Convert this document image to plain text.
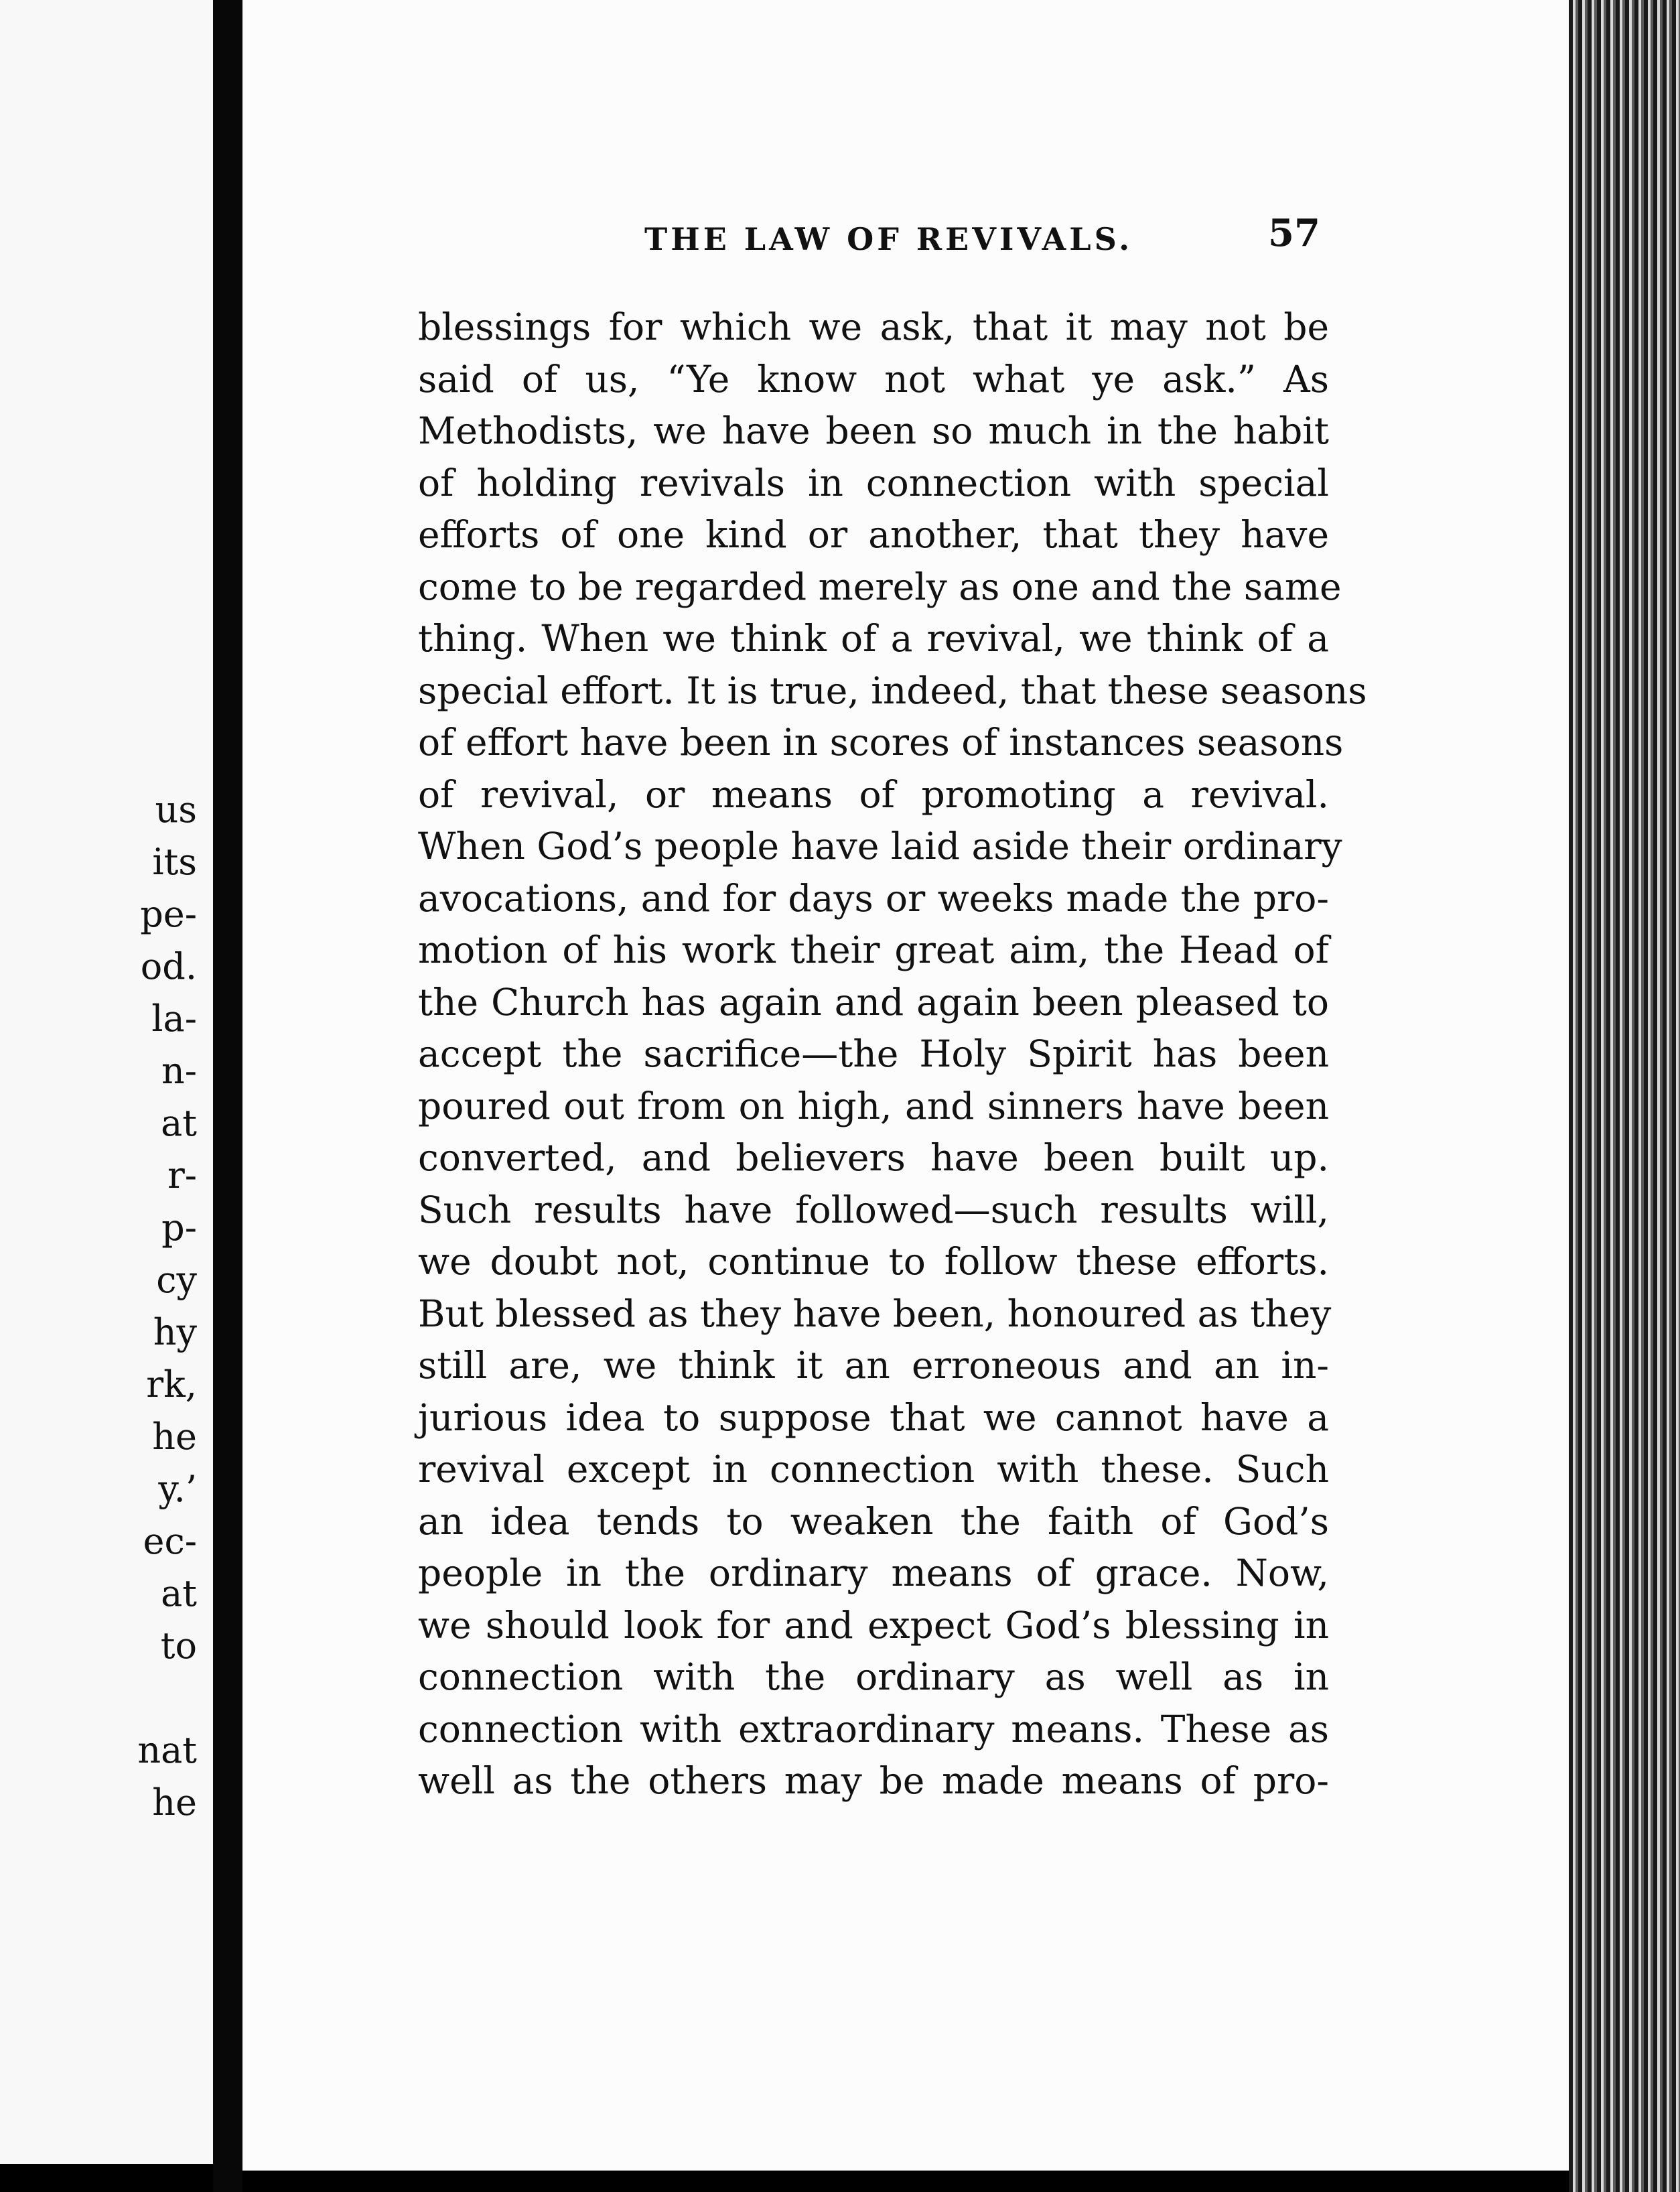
us
its
pe-
od.
la-
n-
at
r-
p-
cy
hy
rk,
he
y.’
ec-
at
to
nat
he
THE LAW OF REVIVALS.	57
blessings for which we ask, that it may not be
said of us, “Ye know not what ye ask.” As
Methodists, we have been so much in the habit
of holding revivals in connection with special
efforts of one kind or another, that they have
come to be regarded merely as one and the same
thing. When we think of a revival, we think of a
special effort. It is true, indeed, that these seasons
of effort have been in scores of instances seasons
of revival, or means of promoting a revival.
When God’s people have laid aside their ordinary
avocations, and for days or weeks made the pro-
motion of his work their great aim, the Head of
the Church has again and again been pleased to
accept the sacrifice—the Holy Spirit has been
poured out from on high, and sinners have been
converted, and believers have been built up.
Such results have followed—such results will,
we doubt not, continue to follow these efforts.
But blessed as they have been, honoured as they
still are, we think it an erroneous and an in-
jurious idea to suppose that we cannot have a
revival except in connection with these. Such
an idea tends to weaken the faith of God’s
people in the ordinary means of grace. Now,
we should look for and expect God’s blessing in
connection with the ordinary as well as in
connection with extraordinary means. These as
well as the others may be made means of pro-
